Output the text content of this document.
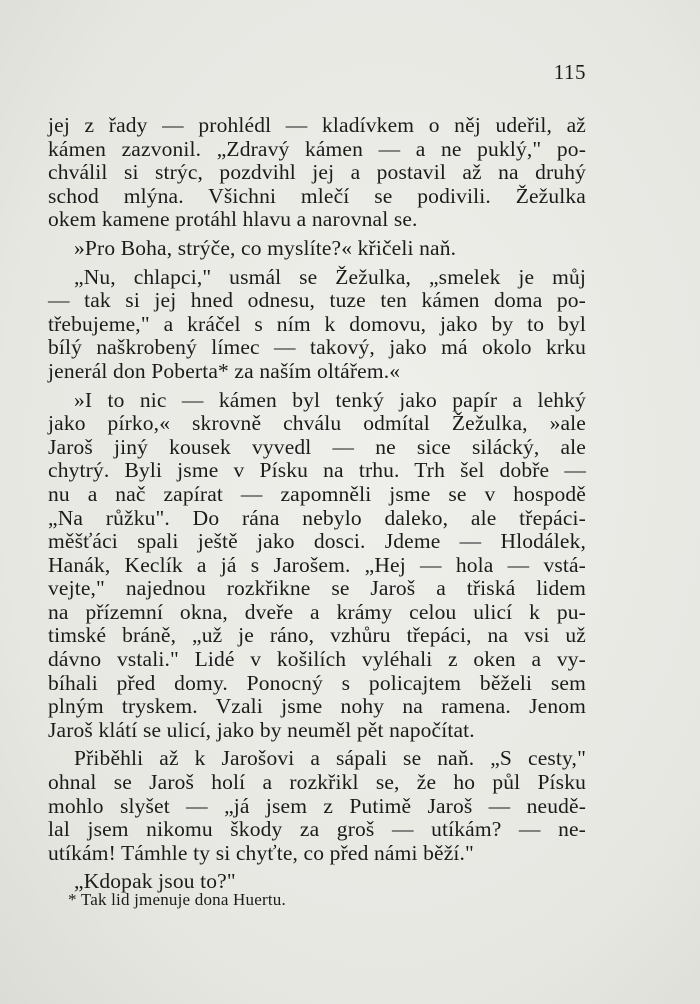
115
jej z řady — prohlédl — kladívkem o něj udeřil, až
kámen zazvonil. „Zdravý kámen — a ne puklý," po-
chválil si strýc, pozdvihl jej a postavil až na druhý
schod mlýna. Všichni mlečí se podivili. Žežulka
okem kamene protáhl hlavu a narovnal se.
»Pro Boha, strýče, co myslíte?« křičeli naň.
„Nu, chlapci," usmál se Žežulka, „smelek je můj
— tak si jej hned odnesu, tuze ten kámen doma po-
třebujeme," a kráčel s ním k domovu, jako by to byl
bílý naškrobený límec — takový, jako má okolo krku
jenerál don Poberta* za naším oltářem.«
»I to nic — kámen byl tenký jako papír a lehký
jako pírko,« skrovně chválu odmítal Žežulka, »ale
Jaroš jiný kousek vyvedl — ne sice silácký, ale
chytrý. Byli jsme v Písku na trhu. Trh šel dobře —
nu a nač zapírat — zapomněli jsme se v hospodě
„Na růžku". Do rána nebylo daleko, ale třepáci-
měšťáci spali ještě jako dosci. Jdeme — Hlodálek,
Hanák, Keclík a já s Jarošem. „Hej — hola — vstá-
vejte," najednou rozkřikne se Jaroš a třiská lidem
na přízemní okna, dveře a krámy celou ulicí k pu-
timské bráně, „už je ráno, vzhůru třepáci, na vsi už
dávno vstali." Lidé v košilích vyléhali z oken a vy-
bíhali před domy. Ponocný s policajtem běželi sem
plným tryskem. Vzali jsme nohy na ramena. Jenom
Jaroš klátí se ulicí, jako by neuměl pět napočítat.
Přiběhli až k Jarošovi a sápali se naň. „S cesty,"
ohnal se Jaroš holí a rozkřikl se, že ho půl Písku
mohlo slyšet — „já jsem z Putimě Jaroš — neudě-
lal jsem nikomu škody za groš — utíkám? — ne-
utíkám! Támhle ty si chyťte, co před námi běží."
„Kdopak jsou to?"
* Tak lid jmenuje dona Huertu.
